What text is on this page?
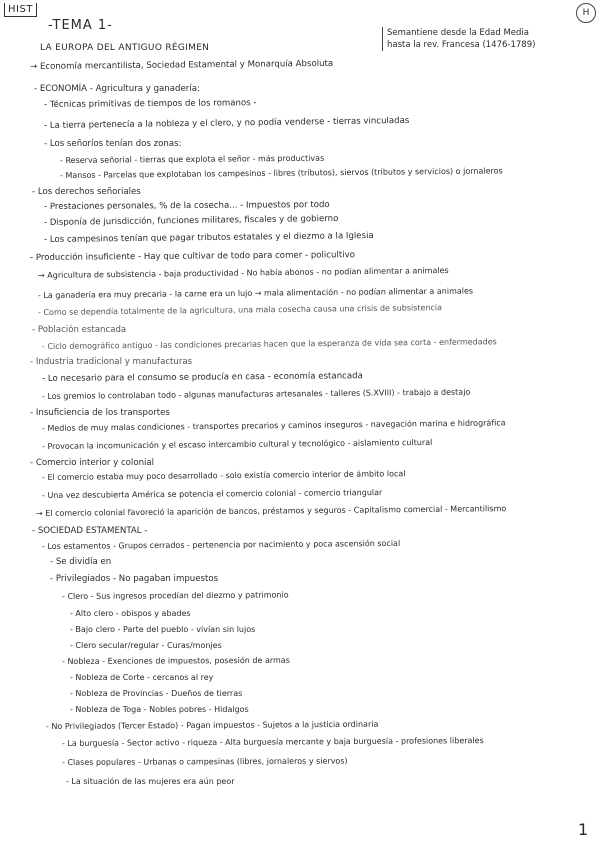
HIST
-TEMA 1-
LA EUROPA DEL ANTIGUO RÉGIMEN
Semantiene desde la Edad Media hasta la rev. Francesa (1476-1789)
H
→ Economía mercantilista, Sociedad Estamental y Monarquía Absoluta
- ECONOMÍA - Agricultura y ganadería:
- Técnicas primitivas de tiempos de los romanos -
- La tierra pertenecía a la nobleza y el clero, y no podía venderse - tierras vinculadas
- Los señoríos tenían dos zonas:
- Reserva señorial - tierras que explota el señor - más productivas
- Mansos - Parcelas que explotaban los campesinos - libres (tributos), siervos (tributos y servicios) o jornaleros
- Los derechos señoriales
- Prestaciones personales, % de la cosecha... - Impuestos por todo
- Disponía de jurisdicción, funciones militares, fiscales y de gobierno
- Los campesinos tenían que pagar tributos estatales y el diezmo a la Iglesia
- Producción insuficiente - Hay que cultivar de todo para comer - policultivo
→ Agricultura de subsistencia - baja productividad - No había abonos - no podían alimentar a animales
- La ganadería era muy precaria - la carne era un lujo → mala alimentación - no podían alimentar a animales
- Como se dependía totalmente de la agricultura, una mala cosecha causa una crisis de subsistencia
- Población estancada
- Ciclo demográfico antiguo - las condiciones precarias hacen que la esperanza de vida sea corta - enfermedades
- Industria tradicional y manufacturas
- Lo necesario para el consumo se producía en casa - economía estancada
- Los gremios lo controlaban todo - algunas manufacturas artesanales - talleres (S.XVIII) - trabajo a destajo
- Insuficiencia de los transportes
- Medios de muy malas condiciones - transportes precarios y caminos inseguros - navegación marina e hidrográfica
- Provocan la incomunicación y el escaso intercambio cultural y tecnológico - aislamiento cultural
- Comercio interior y colonial
- El comercio estaba muy poco desarrollado - solo existía comercio interior de ámbito local
- Una vez descubierta América se potencia el comercio colonial - comercio triangular
→ El comercio colonial favoreció la aparición de bancos, préstamos y seguros - Capitalismo comercial - Mercantilismo
- SOCIEDAD ESTAMENTAL -
- Los estamentos - Grupos cerrados - pertenencia por nacimiento y poca ascensión social
- Se dividía en
- Privilegiados - No pagaban impuestos
- Clero - Sus ingresos procedían del diezmo y patrimonio
- Alto clero - obispos y abades
- Bajo clero - Parte del pueblo - vivían sin lujos
- Clero secular/regular - Curas/monjes
- Nobleza - Exenciones de impuestos, posesión de armas
- Nobleza de Corte - cercanos al rey
- Nobleza de Provincias - Dueños de tierras
- Nobleza de Toga - Nobles pobres - Hidalgos
- No Privilegiados (Tercer Estado) - Pagan impuestos - Sujetos a la justicia ordinaria
- La burguesía - Sector activo - riqueza - Alta burguesía mercante y baja burguesía - profesiones liberales
- Clases populares - Urbanas o campesinas (libres, jornaleros y siervos)
- La situación de las mujeres era aún peor
1
